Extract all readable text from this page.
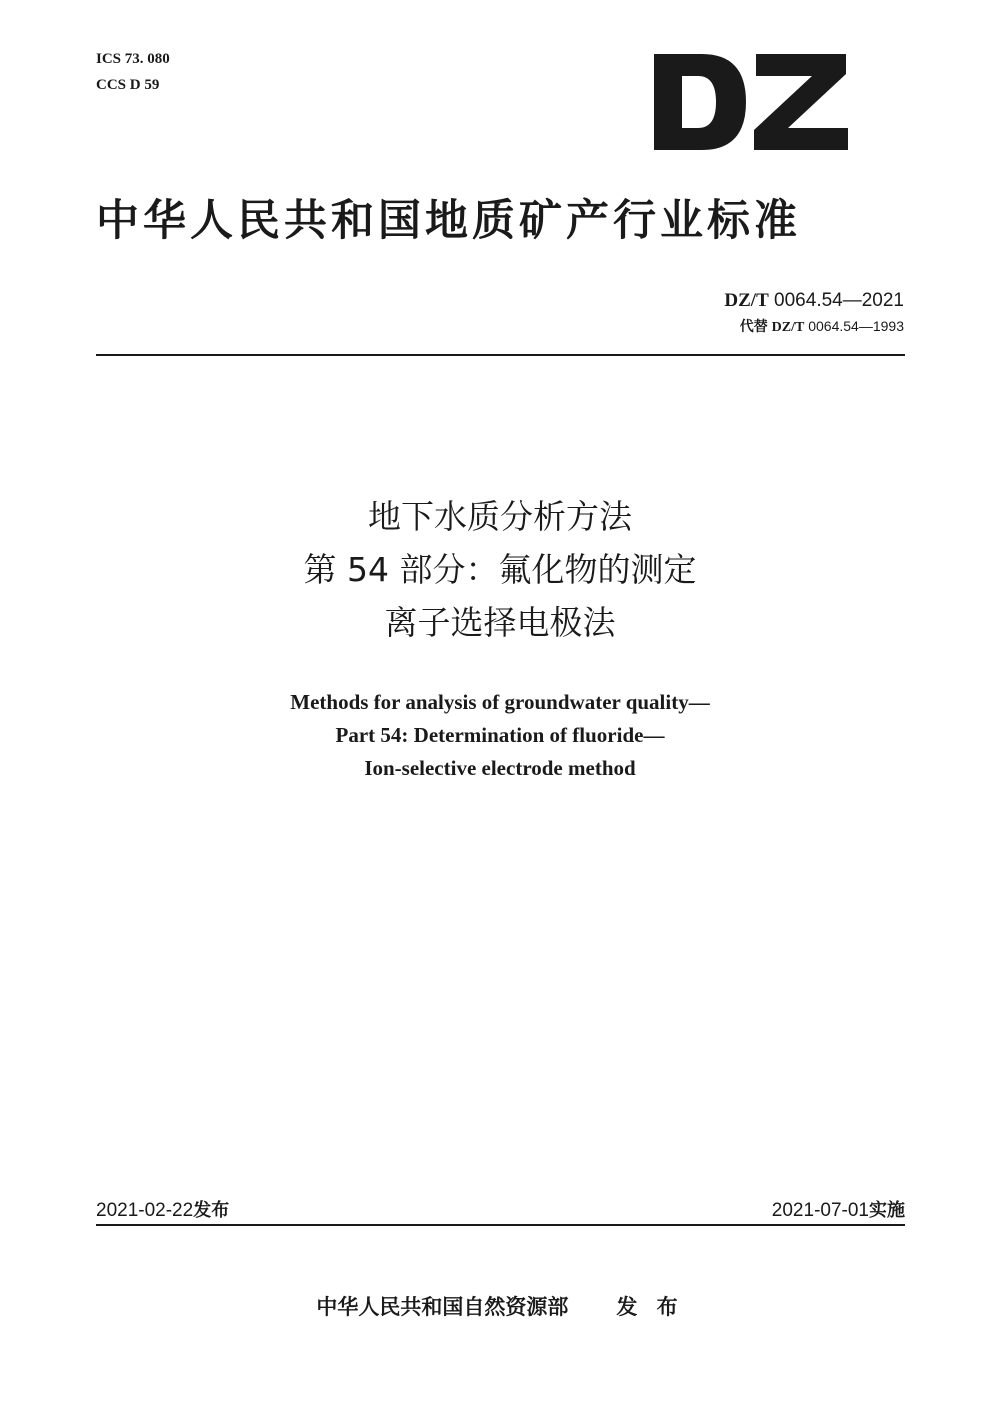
ICS 73. 080
CCS D 59
中华人民共和国地质矿产行业标准
DZ/T 0064.54—2021
代替 DZ/T 0064.54—1993
地下水质分析方法
第 54 部分：氟化物的测定
离子选择电极法
Methods for analysis of groundwater quality—
Part 54: Determination of fluoride—
Ion-selective electrode method
2021-02-22发布	2021-07-01实施
中华人民共和国自然资源部 发 布
